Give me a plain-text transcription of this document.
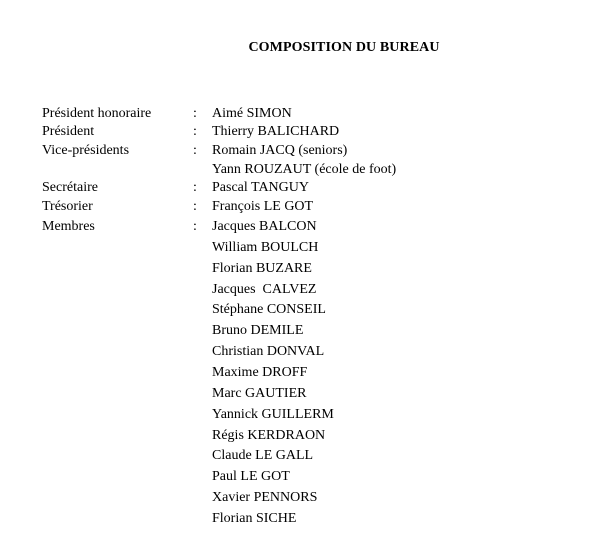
COMPOSITION DU BUREAU
Président honoraire	: Aimé SIMON
Président	: Thierry BALICHARD
Vice-présidents	: Romain JACQ (seniors)
Yann ROUZAUT (école de foot)
Secrétaire	: Pascal TANGUY
Trésorier	: François LE GOT
Membres	: Jacques BALCON
William BOULCH
Florian BUZARE
Jacques  CALVEZ
Stéphane CONSEIL
Bruno DEMILE
Christian DONVAL
Maxime DROFF
Marc GAUTIER
Yannick GUILLERM
Régis KERDRAON
Claude LE GALL
Paul LE GOT
Xavier PENNORS
Florian SICHE
